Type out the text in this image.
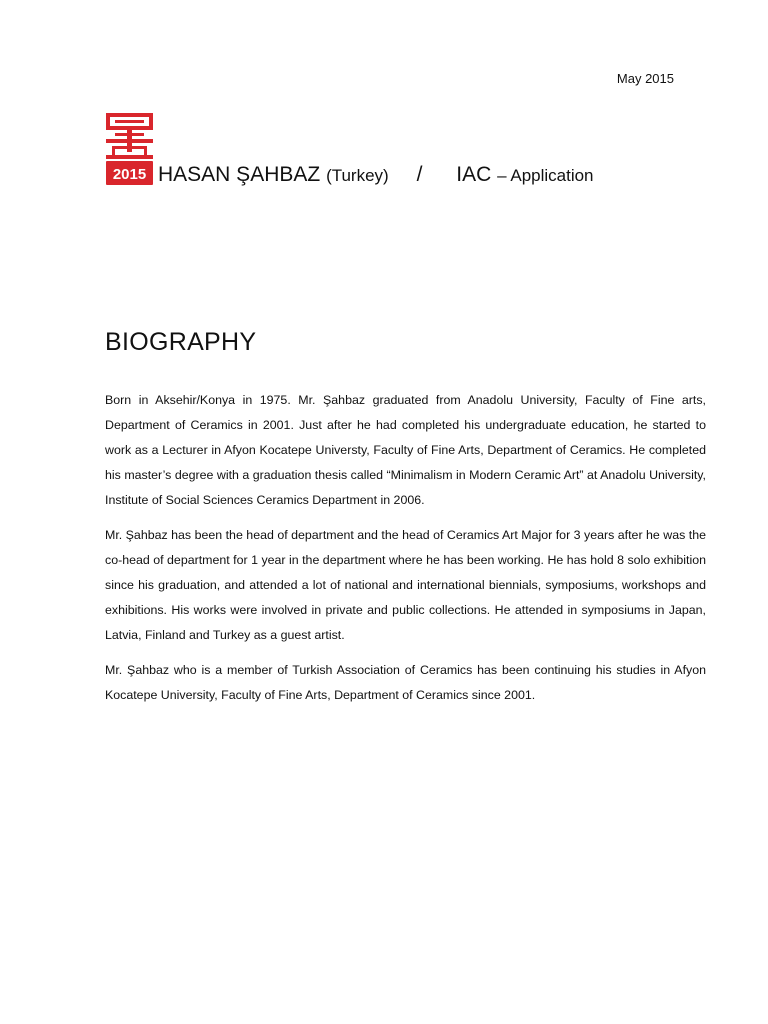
May 2015
2015 HASAN ŞAHBAZ (Turkey) / IAC – Application
BIOGRAPHY

Born in Aksehir/Konya in 1975. Mr. Şahbaz graduated from Anadolu University, Faculty of Fine arts, Department of Ceramics in 2001. Just after he had completed his undergraduate education, he started to work as a Lecturer in Afyon Kocatepe Universty, Faculty of Fine Arts, Department of Ceramics. He completed his master’s degree with a graduation thesis called “Minimalism in Modern Ceramic Art” at Anadolu University, Institute of Social Sciences Ceramics Department in 2006.

Mr. Şahbaz has been the head of department and the head of Ceramics Art Major for 3 years after he was the co-head of department for 1 year in the department where he has been working. He has hold 8 solo exhibition since his graduation, and attended a lot of national and international biennials, symposiums, workshops and exhibitions. His works were involved in private and public collections. He attended in symposiums in Japan, Latvia, Finland and Turkey as a guest artist.

Mr. Şahbaz who is a member of Turkish Association of Ceramics has been continuing his studies in Afyon Kocatepe University, Faculty of Fine Arts, Department of Ceramics since 2001.
